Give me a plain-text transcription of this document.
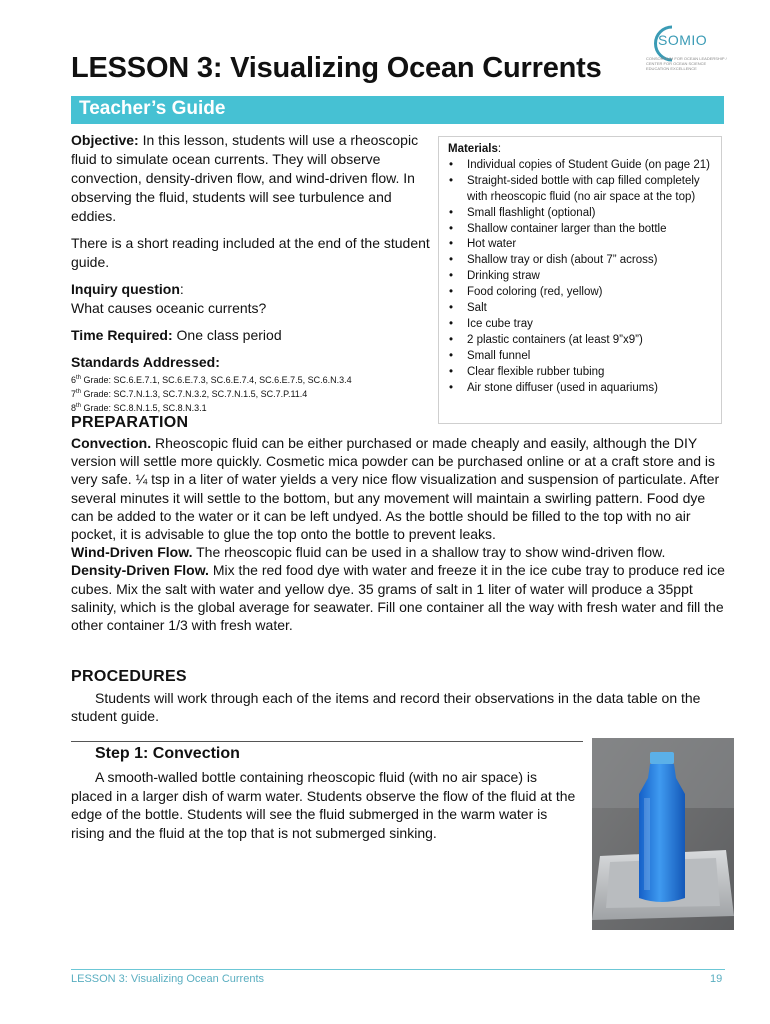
SOMIO
CONSORTIUM FOR OCEAN LEADERSHIP / CENTER FOR OCEAN SCIENCE EDUCATION EXCELLENCE
LESSON 3: Visualizing Ocean Currents
Teacher’s Guide

Objective: In this lesson, students will use a rheoscopic fluid to simulate ocean currents. They will observe convection, density-driven flow, and wind-driven flow. In observing the fluid, students will see turbulence and eddies.

There is a short reading included at the end of the student guide.

Inquiry question:
What causes oceanic currents?

Time Required: One class period

Standards Addressed:
6th Grade: SC.6.E.7.1, SC.6.E.7.3, SC.6.E.7.4, SC.6.E.7.5, SC.6.N.3.4
7th Grade: SC.7.N.1.3, SC.7.N.3.2, SC.7.N.1.5, SC.7.P.11.4
8th Grade: SC.8.N.1.5, SC.8.N.3.1
Materials:
• Individual copies of Student Guide (on page 21)
• Straight-sided bottle with cap filled completely with rheoscopic fluid (no air space at the top)
• Small flashlight (optional)
• Shallow container larger than the bottle
• Hot water
• Shallow tray or dish (about 7” across)
• Drinking straw
• Food coloring (red, yellow)
• Salt
• Ice cube tray
• 2 plastic containers (at least 9”x9”)
• Small funnel
• Clear flexible rubber tubing
• Air stone diffuser (used in aquariums)
PREPARATION

Convection. Rheoscopic fluid can be either purchased or made cheaply and easily, although the DIY version will settle more quickly. Cosmetic mica powder can be purchased online or at a craft store and is very safe. ¼ tsp in a liter of water yields a very nice flow visualization and suspension of particulate. After several minutes it will settle to the bottom, but any movement will maintain a swirling pattern. Food dye can be added to the water or it can be left undyed. As the bottle should be filled to the top with no air pocket, it is advisable to glue the top onto the bottle to prevent leaks.

Wind-Driven Flow. The rheoscopic fluid can be used in a shallow tray to show wind-driven flow.

Density-Driven Flow. Mix the red food dye with water and freeze it in the ice cube tray to produce red ice cubes. Mix the salt with water and yellow dye. 35 grams of salt in 1 liter of water will produce a 35ppt salinity, which is the global average for seawater. Fill one container all the way with fresh water and fill the other container 1/3 with fresh water.

PROCEDURES

Students will work through each of the items and record their observations in the data table on the student guide.

Step 1: Convection

A smooth-walled bottle containing rheoscopic fluid (with no air space) is placed in a larger dish of warm water. Students observe the flow of the fluid at the edge of the bottle. Students will see the fluid submerged in the warm water is rising and the fluid at the top that is not submerged sinking.

LESSON 3: Visualizing Ocean Currents	19
